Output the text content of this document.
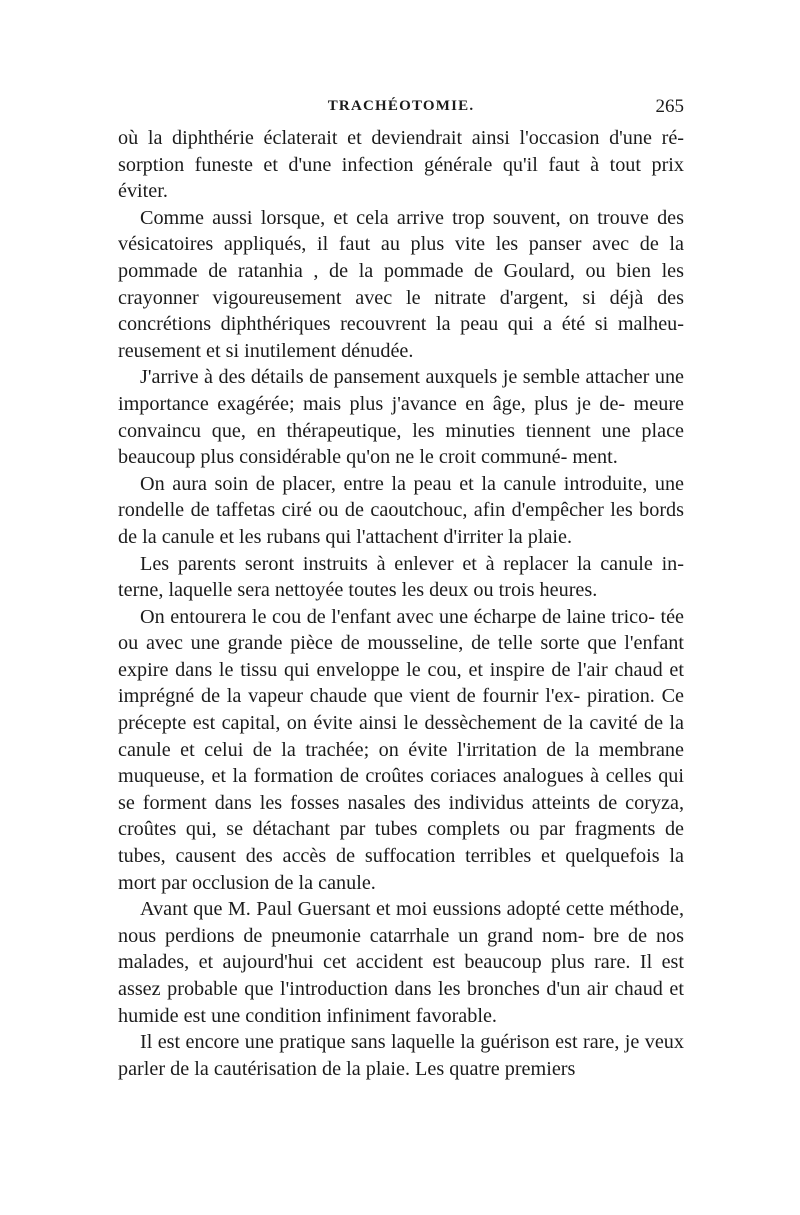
TRACHÉOTOMIE.	265

où la diphthérie éclaterait et deviendrait ainsi l'occasion d'une ré- sorption funeste et d'une infection générale qu'il faut à tout prix éviter.

Comme aussi lorsque, et cela arrive trop souvent, on trouve des vésicatoires appliqués, il faut au plus vite les panser avec de la pommade de ratanhia , de la pommade de Goulard, ou bien les crayonner vigoureusement avec le nitrate d'argent, si déjà des concrétions diphthériques recouvrent la peau qui a été si malheu- reusement et si inutilement dénudée.

J'arrive à des détails de pansement auxquels je semble attacher une importance exagérée; mais plus j'avance en âge, plus je de- meure convaincu que, en thérapeutique, les minuties tiennent une place beaucoup plus considérable qu'on ne le croit communé- ment.

On aura soin de placer, entre la peau et la canule introduite, une rondelle de taffetas ciré ou de caoutchouc, afin d'empêcher les bords de la canule et les rubans qui l'attachent d'irriter la plaie.

Les parents seront instruits à enlever et à replacer la canule in- terne, laquelle sera nettoyée toutes les deux ou trois heures.

On entourera le cou de l'enfant avec une écharpe de laine trico- tée ou avec une grande pièce de mousseline, de telle sorte que l'enfant expire dans le tissu qui enveloppe le cou, et inspire de l'air chaud et imprégné de la vapeur chaude que vient de fournir l'ex- piration. Ce précepte est capital, on évite ainsi le dessèchement de la cavité de la canule et celui de la trachée; on évite l'irritation de la membrane muqueuse, et la formation de croûtes coriaces analogues à celles qui se forment dans les fosses nasales des individus atteints de coryza, croûtes qui, se détachant par tubes complets ou par fragments de tubes, causent des accès de suffocation terribles et quelquefois la mort par occlusion de la canule.

Avant que M. Paul Guersant et moi eussions adopté cette méthode, nous perdions de pneumonie catarrhale un grand nom- bre de nos malades, et aujourd'hui cet accident est beaucoup plus rare. Il est assez probable que l'introduction dans les bronches d'un air chaud et humide est une condition infiniment favorable.

Il est encore une pratique sans laquelle la guérison est rare, je veux parler de la cautérisation de la plaie. Les quatre premiers
